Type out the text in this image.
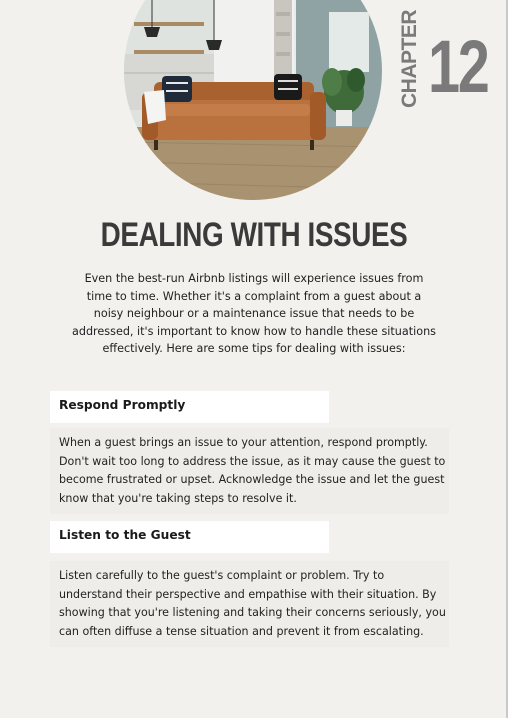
CHAPTER 12
DEALING WITH ISSUES
Even the best-run Airbnb listings will experience issues from time to time. Whether it's a complaint from a guest about a noisy neighbour or a maintenance issue that needs to be addressed, it's important to know how to handle these situations effectively. Here are some tips for dealing with issues:
Respond Promptly
When a guest brings an issue to your attention, respond promptly. Don't wait too long to address the issue, as it may cause the guest to become frustrated or upset. Acknowledge the issue and let the guest know that you're taking steps to resolve it.
Listen to the Guest
Listen carefully to the guest's complaint or problem. Try to understand their perspective and empathise with their situation. By showing that you're listening and taking their concerns seriously, you can often diffuse a tense situation and prevent it from escalating.
